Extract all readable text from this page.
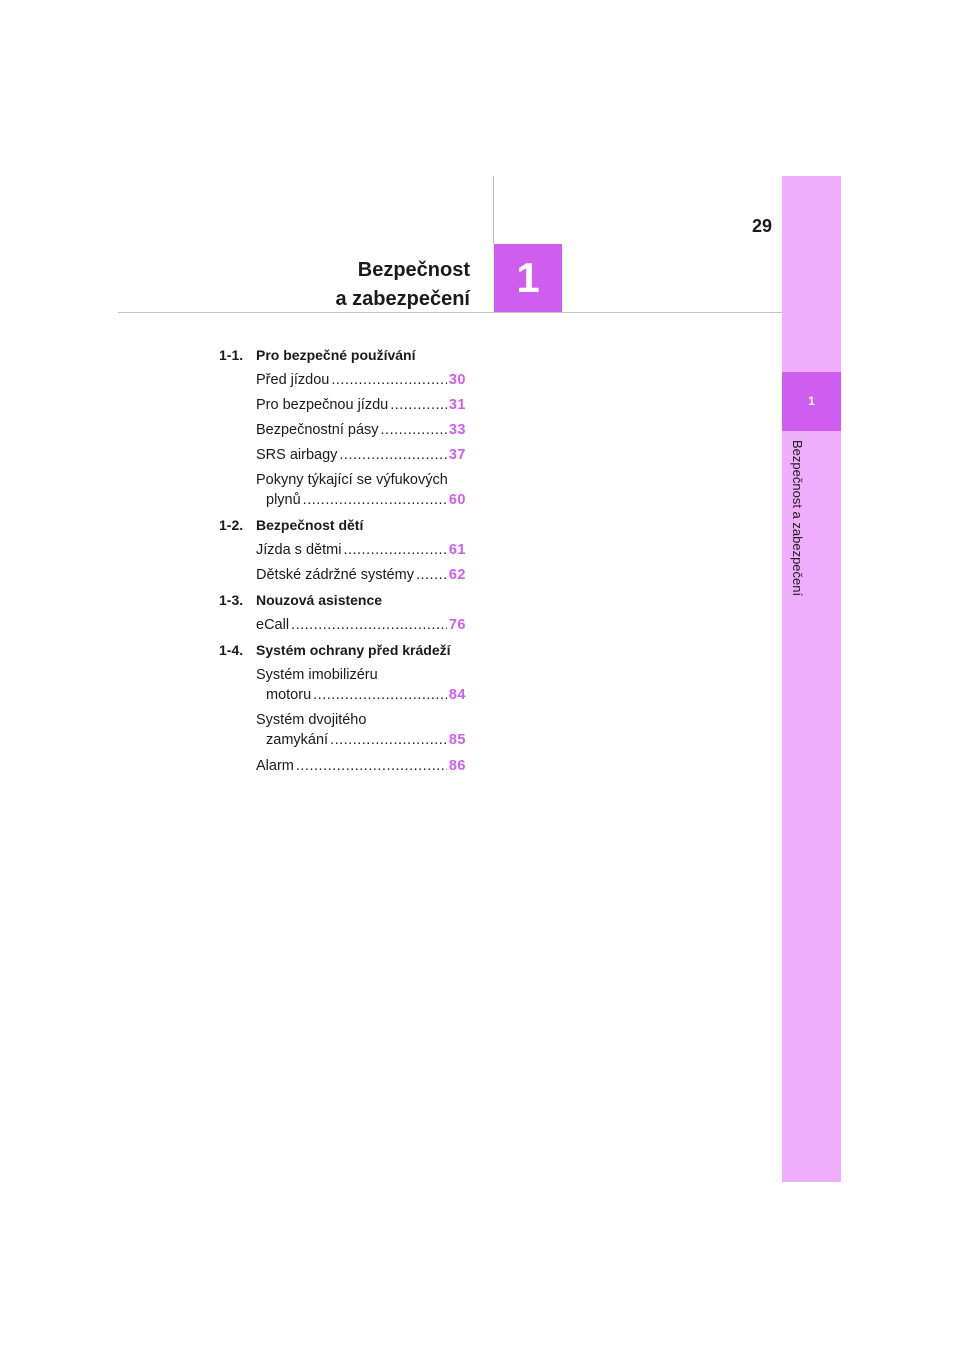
1
Bezpečnost a zabezpečení
1
Bezpečnost
a zabezpečení
29
1-1. Pro bezpečné používání
Před jízdou .....	30
Pro bezpečnou jízdu .....	31
Bezpečnostní pásy .....	33
SRS airbagy .....	37
Pokyny týkající se výfukových
plynů .....	60
1-2. Bezpečnost dětí
Jízda s dětmi .....	61
Dětské zádržné systémy ..... 62
1-3. Nouzová asistence
eCall .....	76
1-4. Systém ochrany před krádeží
Systém imobilizéru
motoru .....	84
Systém dvojitého
zamykání .....	85
Alarm .....	86
